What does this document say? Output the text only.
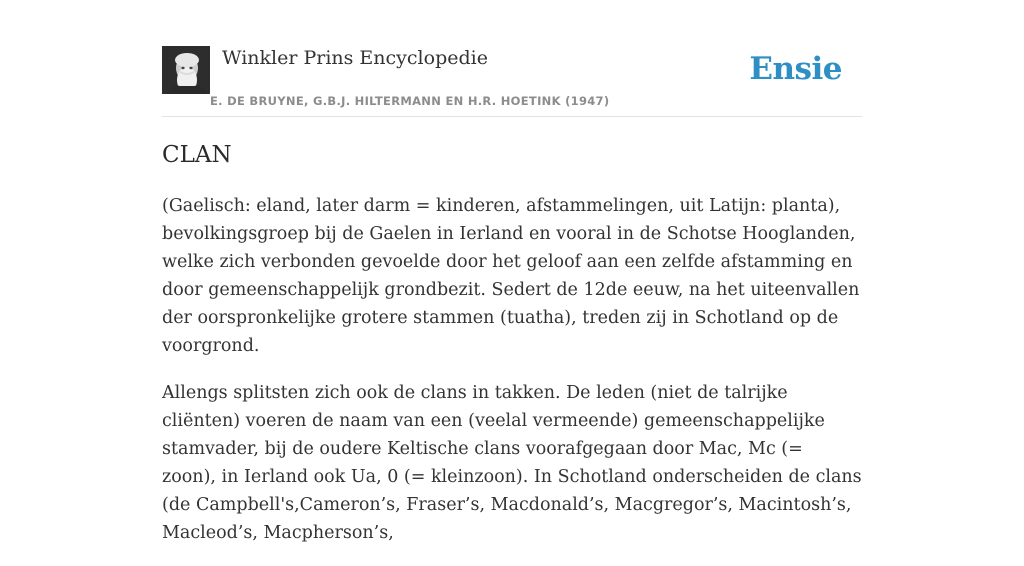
Winkler Prins Encyclopedie
E. DE BRUYNE, G.B.J. HILTERMANN EN H.R. HOETINK (1947)
Ensie
CLAN

(Gaelisch: eland, later darm = kinderen, afstammelingen, uit Latijn: planta), bevolkingsgroep bij de Gaelen in Ierland en vooral in de Schotse Hooglanden, welke zich verbonden gevoelde door het geloof aan een zelfde afstamming en door gemeenschappelijk grondbezit. Sedert de 12de eeuw, na het uiteenvallen der oorspronkelijke grotere stammen (tuatha), treden zij in Schotland op de voorgrond.

Allengs splitsten zich ook de clans in takken. De leden (niet de talrijke cliënten) voeren de naam van een (veelal vermeende) gemeenschappelijke stamvader, bij de oudere Keltische clans voorafgegaan door Mac, Mc (= zoon), in Ierland ook Ua, 0 (= kleinzoon). In Schotland onderscheiden de clans (de Campbell's,Cameron’s, Fraser’s, Macdonald’s, Macgregor’s, Macintosh’s, Macleod’s, Macpherson’s,
